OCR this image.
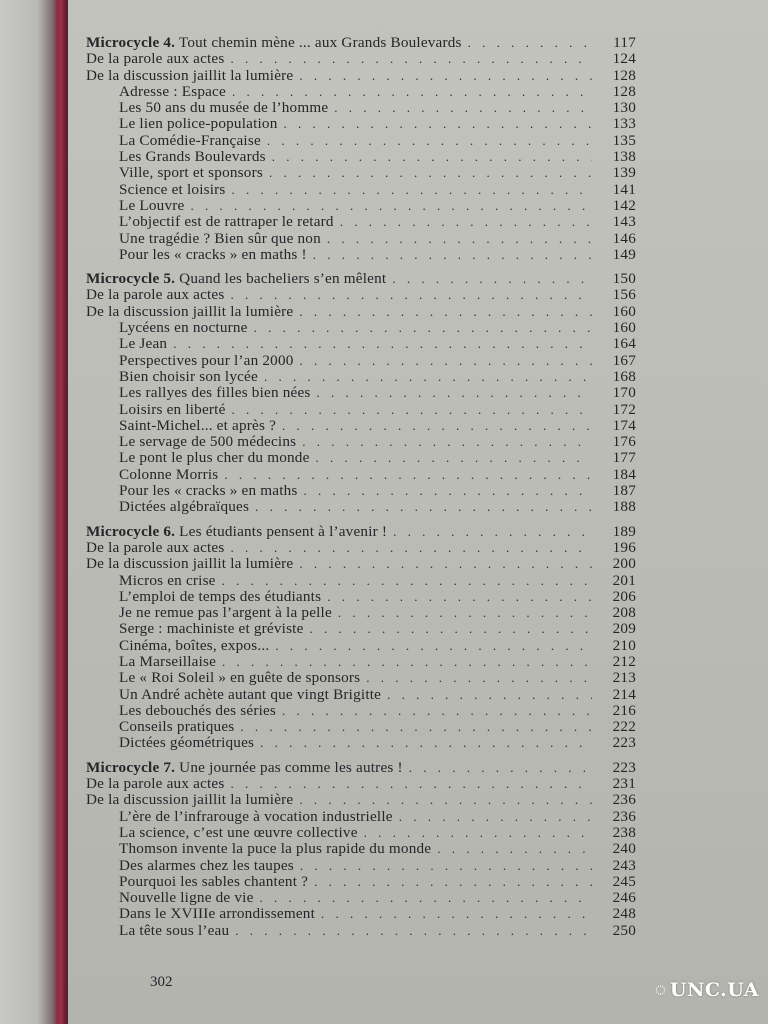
Microcycle 4. Tout chemin mène ... aux Grands Boulevards . . .	117
De la parole aux actes . . .	124
De la discussion jaillit la lumière . . .	128
Adresse : Espace . . .	128
Les 50 ans du musée de l’homme . . .	130
Le lien police-population . . .	133
La Comédie-Française . . .	135
Les Grands Boulevards . . .	138
Ville, sport et sponsors . . .	139
Science et loisirs . . .	141
Le Louvre . . .	142
L’objectif est de rattraper le retard . . .	143
Une tragédie ? Bien sûr que non . . .	146
Pour les « cracks » en maths ! . . .	149
Microcycle 5. Quand les bacheliers s’en mêlent . . .	150
De la parole aux actes . . .	156
De la discussion jaillit la lumière . . .	160
Lycéens en nocturne . . .	160
Le Jean . . .	164
Perspectives pour l’an 2000 . . .	167
Bien choisir son lycée . . .	168
Les rallyes des filles bien nées . . .	170
Loisirs en liberté . . .	172
Saint-Michel... et après ? . . .	174
Le servage de 500 médecins . . .	176
Le pont le plus cher du monde . . .	177
Colonne Morris . . .	184
Pour les « cracks » en maths . . .	187
Dictées algébraïques . . .	188
Microcycle 6. Les étudiants pensent à l’avenir ! . . .	189
De la parole aux actes . . .	196
De la discussion jaillit la lumière . . .	200
Micros en crise . . .	201
L’emploi de temps des étudiants . . .	206
Je ne remue pas l’argent à la pelle . . .	208
Serge : machiniste et gréviste . . .	209
Cinéma, boîtes, expos... . . .	210
La Marseillaise . . .	212
Le « Roi Soleil » en guête de sponsors . . .	213
Un André achète autant que vingt Brigitte . . .	214
Les debouchés des séries . . .	216
Conseils pratiques . . .	222
Dictées géométriques . . .	223
Microcycle 7. Une journée pas comme les autres ! . . .	223
De la parole aux actes . . .	231
De la discussion jaillit la lumière . . .	236
L’ère de l’infrarouge à vocation industrielle . . .	236
La science, c’est une œuvre collective . . .	238
Thomson invente la puce la plus rapide du monde . . .	240
Des alarmes chez les taupes . . .	243
Pourquoi les sables chantent ? . . .	245
Nouvelle ligne de vie . . .	246
Dans le XVIIIe arrondissement . . .	248
La tête sous l’eau . . .	250
302	UNC.UA
